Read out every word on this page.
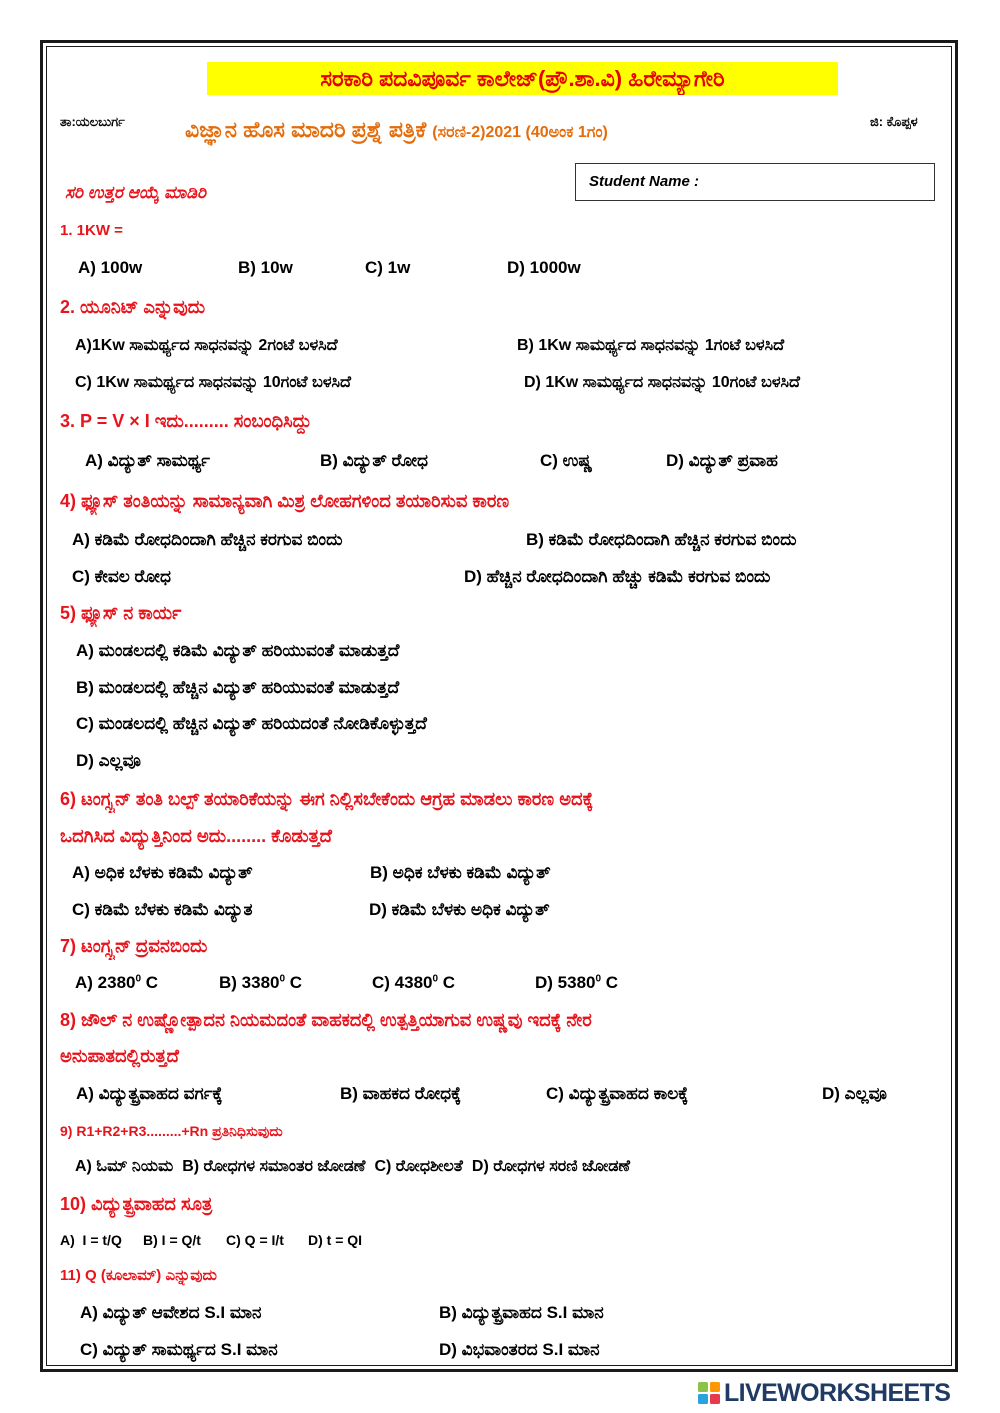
ಸರಕಾರಿ ಪದವಿಪೂರ್ವ ಕಾಲೇಜ್(ಪ್ರೌ.ಶಾ.ವಿ) ಹಿರೇಮ್ಯಾಗೇರಿ
ತಾ:ಯಲಬುರ್ಗ	ವಿಜ್ಞಾನ ಹೊಸ ಮಾದರಿ ಪ್ರಶ್ನೆ ಪತ್ರಿಕೆ (ಸರಣಿ-2)2021 (40ಅಂಕ 1ಗಂ)
ಜಿ: ಕೊಪ್ಪಳ
ಸರಿ ಉತ್ತರ ಆಯ್ಕೆ ಮಾಡಿರಿ
Student Name :
1. 1KW =
A) 100w	B) 10w	C) 1w	D) 1000w
2. ಯೂನಿಟ್ ಎನ್ನುವುದು
A)1Kw ಸಾಮರ್ಥ್ಯದ ಸಾಧನವನ್ನು 2ಗಂಟೆ ಬಳಸಿದೆ	B) 1Kw ಸಾಮರ್ಥ್ಯದ ಸಾಧನವನ್ನು 1ಗಂಟೆ ಬಳಸಿದೆ
C) 1Kw ಸಾಮರ್ಥ್ಯದ ಸಾಧನವನ್ನು 10ಗಂಟೆ ಬಳಸಿದೆ	D) 1Kw ಸಾಮರ್ಥ್ಯದ ಸಾಧನವನ್ನು 10ಗಂಟೆ ಬಳಸಿದೆ
3. P = V × I ಇದು......... ಸಂಬಂಧಿಸಿದ್ದು
A) ವಿದ್ಯುತ್ ಸಾಮರ್ಥ್ಯ	B) ವಿದ್ಯುತ್ ರೋಧ	C) ಉಷ್ಣ	D) ವಿದ್ಯುತ್ ಪ್ರವಾಹ
4) ಫ್ಯೂಸ್ ತಂತಿಯನ್ನು ಸಾಮಾನ್ಯವಾಗಿ ಮಿಶ್ರ ಲೋಹಗಳಿಂದ ತಯಾರಿಸುವ ಕಾರಣ
A) ಕಡಿಮೆ ರೋಧದಿಂದಾಗಿ ಹೆಚ್ಚಿನ ಕರಗುವ ಬಿಂದು	B) ಕಡಿಮೆ ರೋಧದಿಂದಾಗಿ ಹೆಚ್ಚಿನ ಕರಗುವ ಬಿಂದು
C) ಕೇವಲ ರೋಧ	D) ಹೆಚ್ಚಿನ ರೋಧದಿಂದಾಗಿ ಹೆಚ್ಚು ಕಡಿಮೆ ಕರಗುವ ಬಿಂದು
5) ಫ್ಯೂಸ್ ನ ಕಾರ್ಯ
A) ಮಂಡಲದಲ್ಲಿ ಕಡಿಮೆ ವಿದ್ಯುತ್ ಹರಿಯುವಂತೆ ಮಾಡುತ್ತದೆ
B) ಮಂಡಲದಲ್ಲಿ ಹೆಚ್ಚಿನ ವಿದ್ಯುತ್ ಹರಿಯುವಂತೆ ಮಾಡುತ್ತದೆ
C) ಮಂಡಲದಲ್ಲಿ ಹೆಚ್ಚಿನ ವಿದ್ಯುತ್ ಹರಿಯದಂತೆ ನೋಡಿಕೊಳ್ಳುತ್ತದೆ
D) ಎಲ್ಲವೂ
6) ಟಂಗ್ಸ್ಟನ್ ತಂತಿ ಬಲ್ಪ್ ತಯಾರಿಕೆಯನ್ನು ಈಗ ನಿಲ್ಲಿಸಬೇಕೆಂದು ಆಗ್ರಹ ಮಾಡಲು ಕಾರಣ ಅದಕ್ಕೆ
ಒದಗಿಸಿದ ವಿದ್ಯುತ್ತಿನಿಂದ ಅದು........ ಕೊಡುತ್ತದೆ
A) ಅಧಿಕ ಬೆಳಕು ಕಡಿಮೆ ವಿದ್ಯುತ್	B) ಅಧಿಕ ಬೆಳಕು ಕಡಿಮೆ ವಿದ್ಯುತ್
C) ಕಡಿಮೆ ಬೆಳಕು ಕಡಿಮೆ ವಿದ್ಯುತ	D) ಕಡಿಮೆ ಬೆಳಕು ಅಧಿಕ ವಿದ್ಯುತ್
7) ಟಂಗ್ಸ್ಟನ್ ದ್ರವನಬಿಂದು
A) 2380$^0$ C	B) 3380$^0$ C	C) 4380$^0$ C	D) 5380$^0$ C
8) ಜೌಲ್ ನ ಉಷ್ಣೋತ್ಪಾದನ ನಿಯಮದಂತೆ ವಾಹಕದಲ್ಲಿ ಉತ್ಪತ್ತಿಯಾಗುವ ಉಷ್ಣವು ಇದಕ್ಕೆ ನೇರ
ಅನುಪಾತದಲ್ಲಿರುತ್ತದೆ
A) ವಿದ್ಯುತ್ಪ್ರವಾಹದ ವರ್ಗಕ್ಕೆ	B) ವಾಹಕದ ರೋಧಕ್ಕೆ	C) ವಿದ್ಯುತ್ಪ್ರವಾಹದ ಕಾಲಕ್ಕೆ	D) ಎಲ್ಲವೂ
9) R1+R2+R3.........+Rn ಪ್ರತಿನಿಧಿಸುವುದು
A) ಓಮ್ ನಿಯಮ B) ರೋಧಗಳ ಸಮಾಂತರ ಜೋಡಣೆ C) ರೋಧಶೀಲತೆ D) ರೋಧಗಳ ಸರಣಿ ಜೋಡಣೆ
10) ವಿದ್ಯುತ್ಪ್ರವಾಹದ ಸೂತ್ರ
A)  I = t/Q	B) I = Q/t	C) Q = I/t	D) t = QI
11) Q (ಕೂಲಾಮ್) ಎನ್ನುವುದು
A) ವಿದ್ಯುತ್ ಆವೇಶದ S.I ಮಾನ	B) ವಿದ್ಯುತ್ಪ್ರವಾಹದ S.I ಮಾನ
C) ವಿದ್ಯುತ್ ಸಾಮರ್ಥ್ಯದ S.I ಮಾನ	D) ವಿಭವಾಂತರದ S.I ಮಾನ
LIVEWORKSHEETS
